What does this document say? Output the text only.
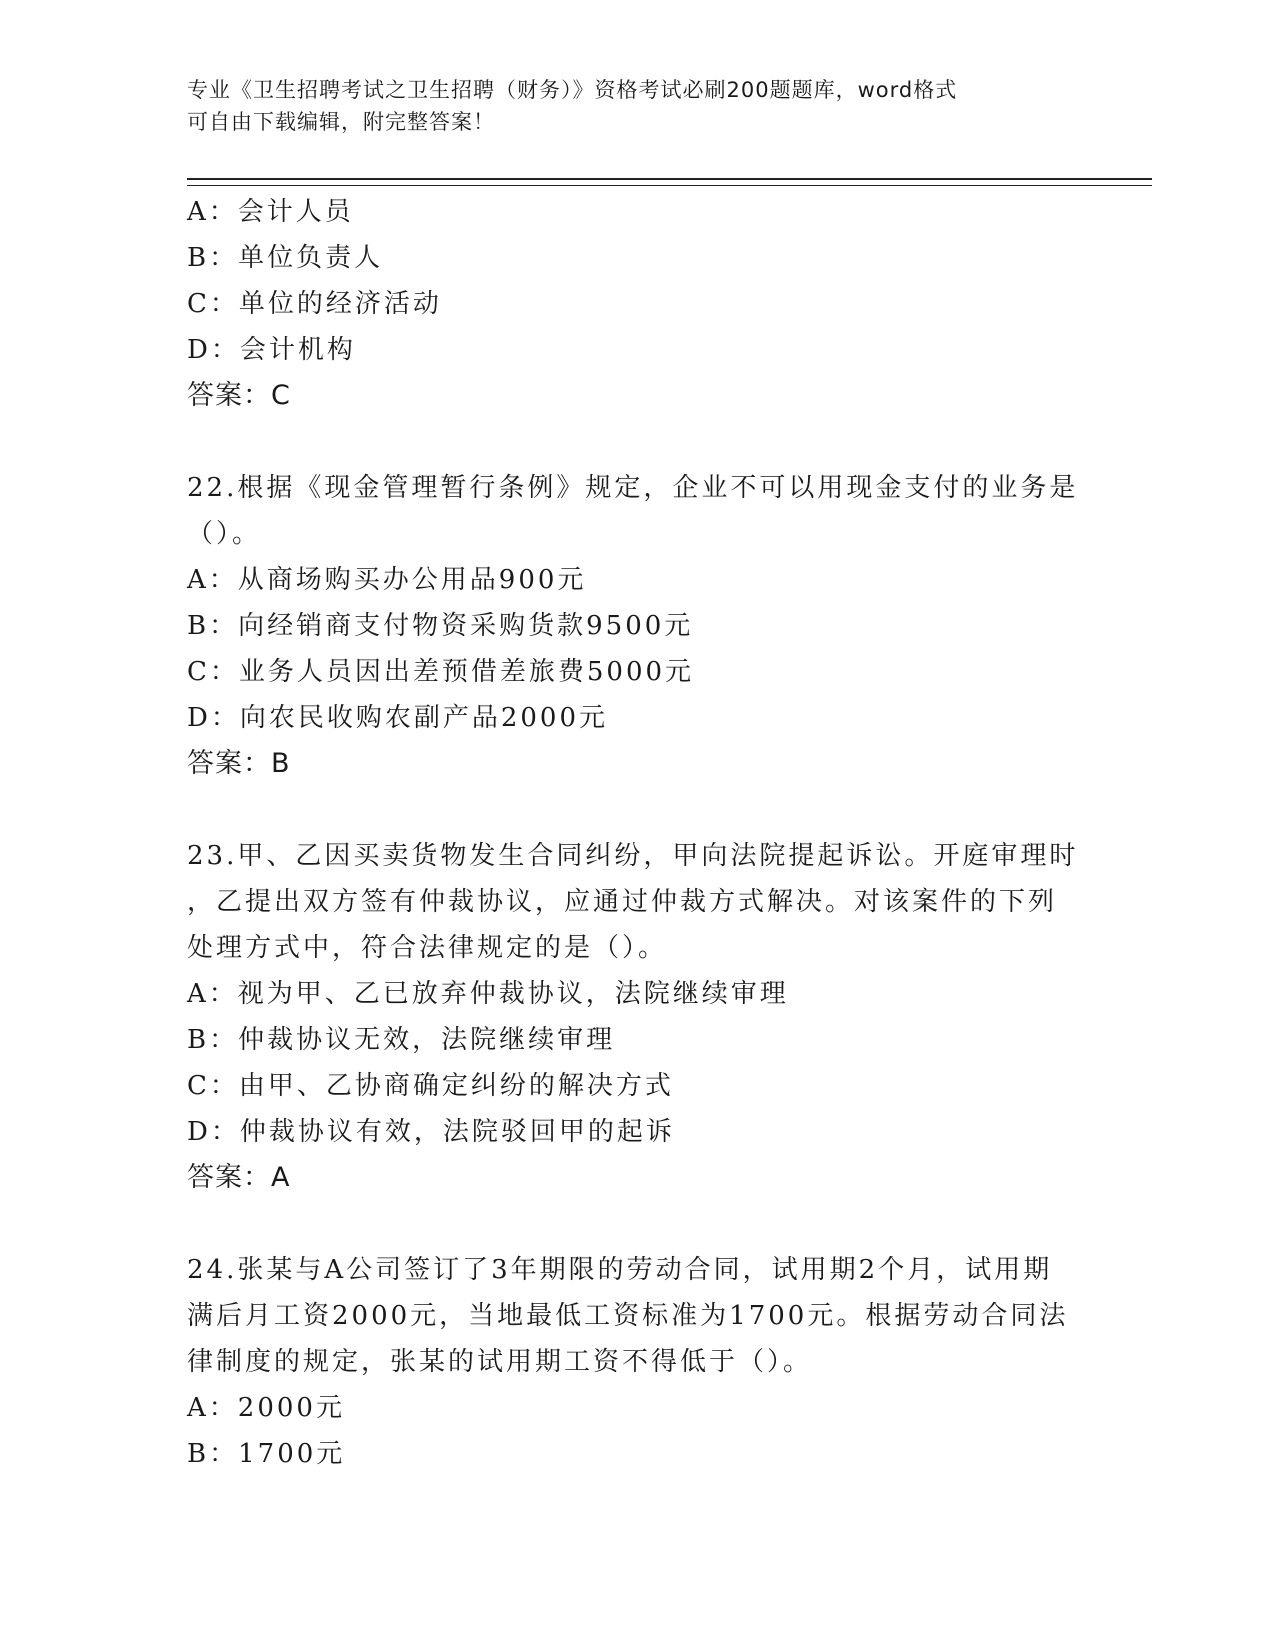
专业《卫生招聘考试之卫生招聘（财务）》资格考试必刷200题题库，word格式
可自由下载编辑，附完整答案！
A：会计人员
B：单位负责人
C：单位的经济活动
D：会计机构
答案：C
22.根据《现金管理暂行条例》规定，企业不可以用现金支付的业务是
（）。
A：从商场购买办公用品900元
B：向经销商支付物资采购货款9500元
C：业务人员因出差预借差旅费5000元
D：向农民收购农副产品2000元
答案：B
23.甲、乙因买卖货物发生合同纠纷，甲向法院提起诉讼。开庭审理时
，乙提出双方签有仲裁协议，应通过仲裁方式解决。对该案件的下列
处理方式中，符合法律规定的是（）。
A：视为甲、乙已放弃仲裁协议，法院继续审理
B：仲裁协议无效，法院继续审理
C：由甲、乙协商确定纠纷的解决方式
D：仲裁协议有效，法院驳回甲的起诉
答案：A
24.张某与A公司签订了3年期限的劳动合同，试用期2个月，试用期
满后月工资2000元，当地最低工资标准为1700元。根据劳动合同法
律制度的规定，张某的试用期工资不得低于（）。
A：2000元
B：1700元
